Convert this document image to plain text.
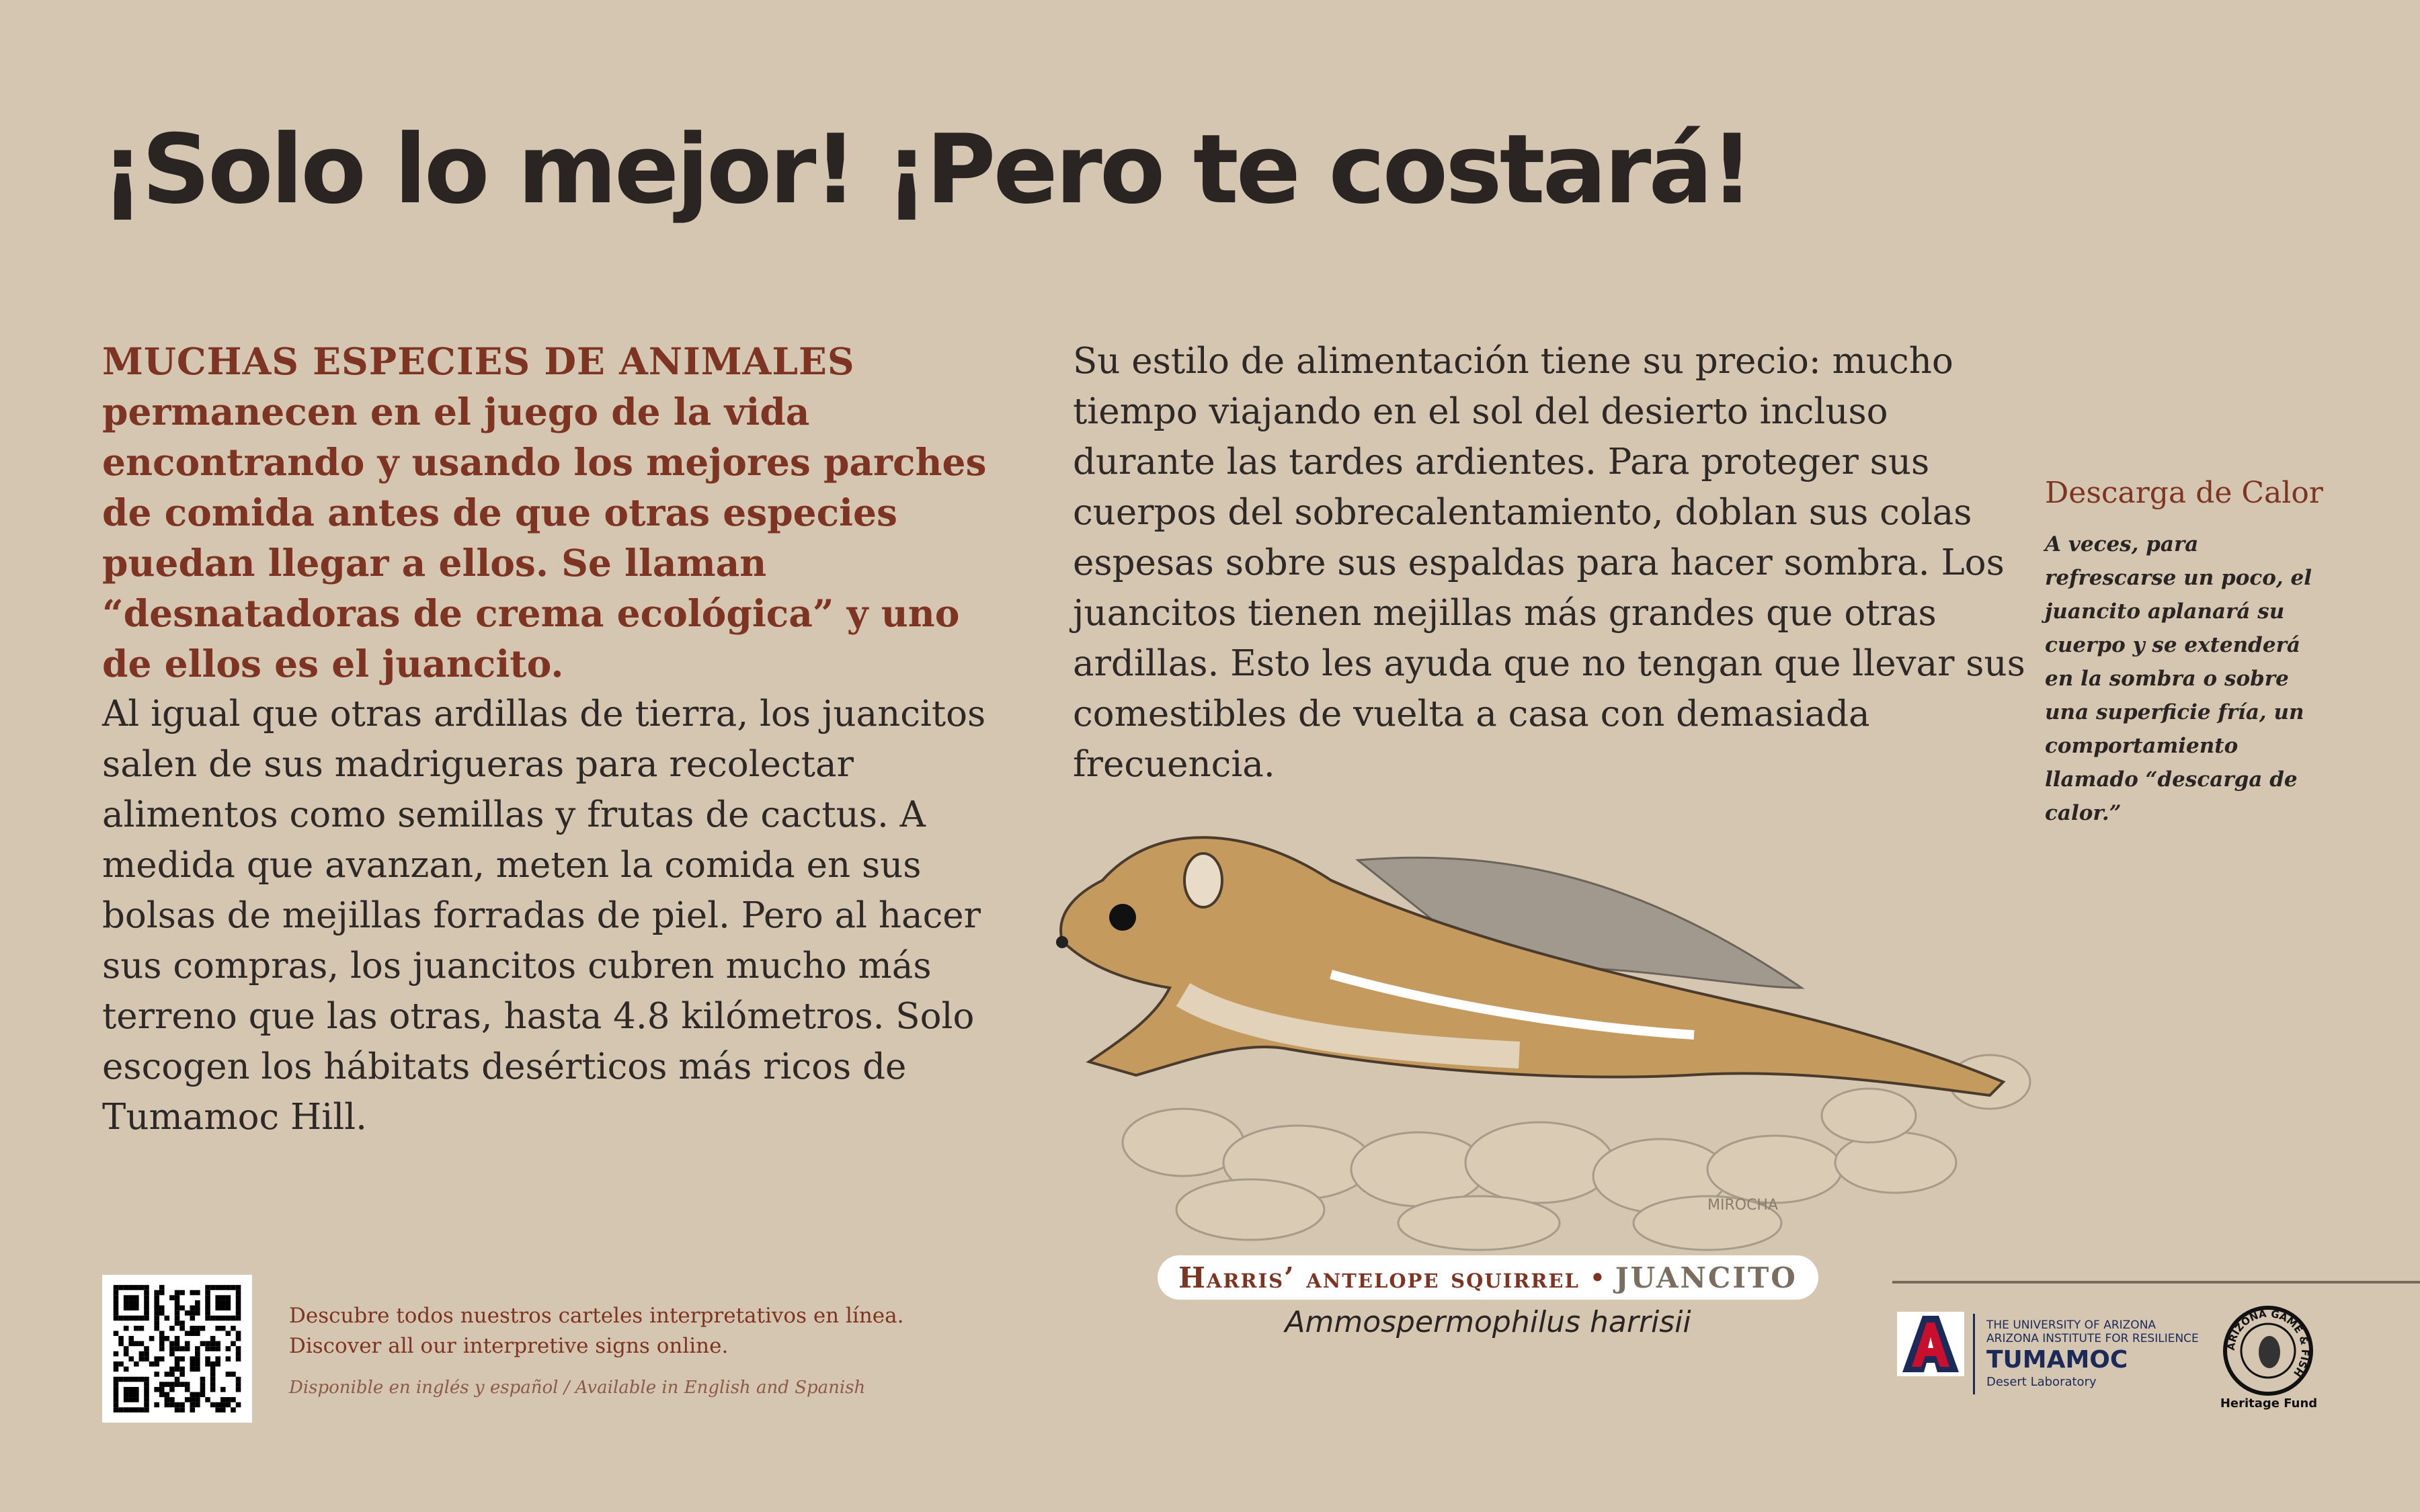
¡Solo lo mejor! ¡Pero te costará!
MUCHAS ESPECIES DE ANIMALES
permanecen en el juego de la vida encontrando y usando los mejores parches de comida antes de que otras especies puedan llegar a ellos. Se llaman “desnatadoras de crema ecológica” y uno de ellos es el juancito.
Al igual que otras ardillas de tierra, los juancitos salen de sus madrigueras para recolectar alimentos como semillas y frutas de cactus. A medida que avanzan, meten la comida en sus bolsas de mejillas forradas de piel. Pero al hacer sus compras, los juancitos cubren mucho más terreno que las otras, hasta 4.8 kilómetros. Solo escogen los hábitats desérticos más ricos de Tumamoc Hill.
Su estilo de alimentación tiene su precio: mucho tiempo viajando en el sol del desierto incluso durante las tardes ardientes. Para proteger sus cuerpos del sobrecalentamiento, doblan sus colas espesas sobre sus espaldas para hacer sombra. Los juancitos tienen mejillas más grandes que otras ardillas. Esto les ayuda que no tengan que llevar sus comestibles de vuelta a casa con demasiada frecuencia.
Descarga de Calor
A veces, para refrescarse un poco, el juancito aplanará su cuerpo y se extenderá en la sombra o sobre una superficie fría, un comportamiento llamado “descarga de calor.”
MIROCHA
Harris’ antelope squirrel • JUANCITO
Ammospermophilus harrisii
Descubre todos nuestros carteles interpretativos en línea.
Discover all our interpretive signs online.
Disponible en inglés y español / Available in English and Spanish
THE UNIVERSITY OF ARIZONA
ARIZONA INSTITUTE FOR RESILIENCE
TUMAMOC
Desert Laboratory
ARIZONA GAME & FISH
Heritage Fund
